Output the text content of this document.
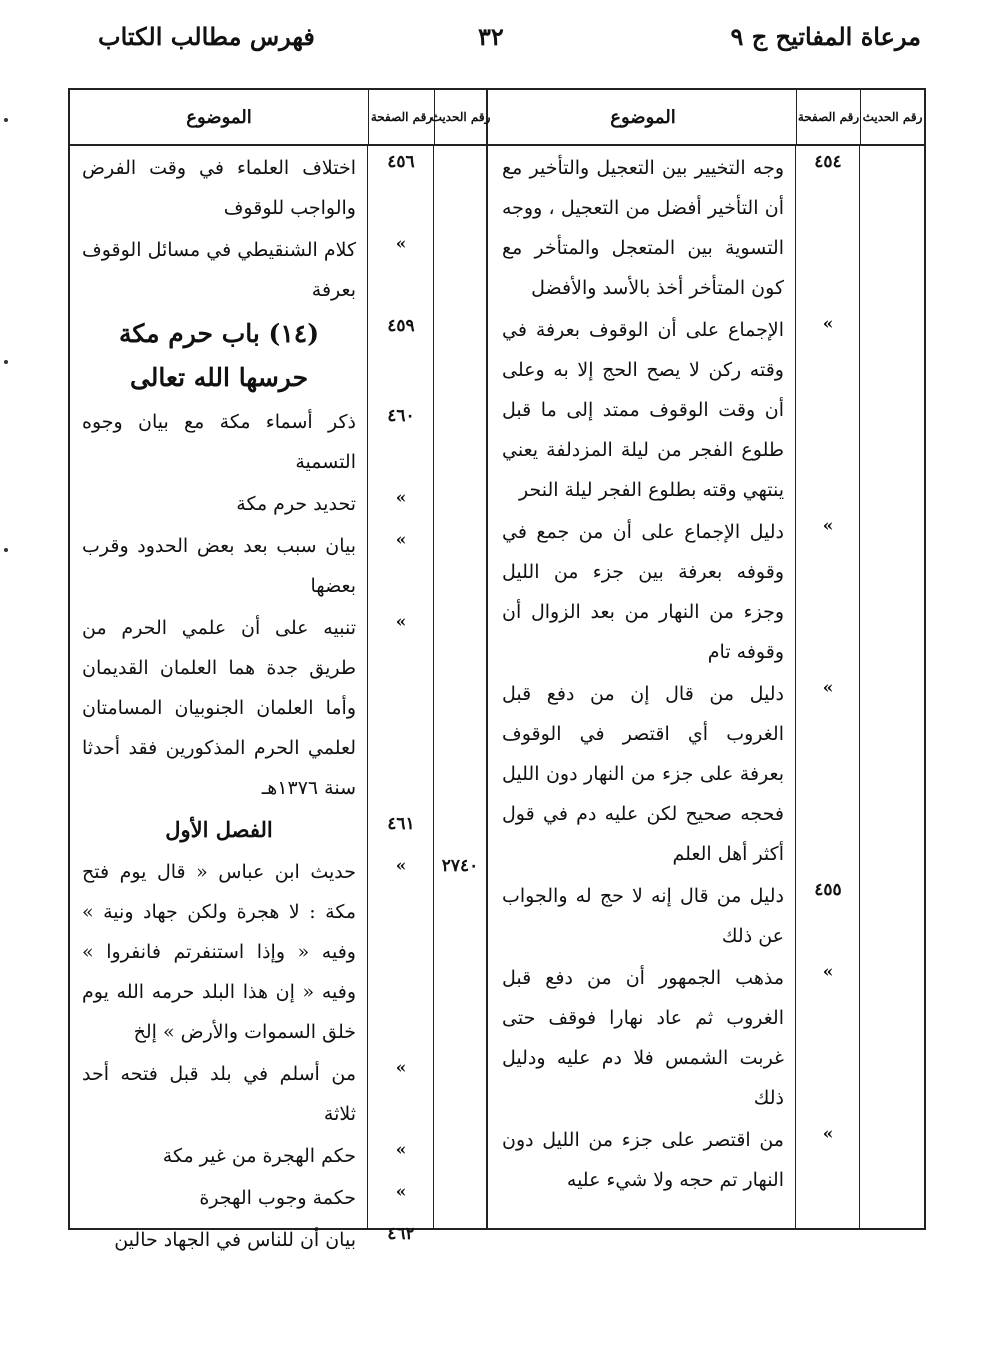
مرعاة المفاتيح ج ٩
٣٢
فهرس مطالب الكتاب
رقم الحديث
رقم الصفحة
الموضوع
٤٥٤
وجه التخيير بين التعجيل والتأخير مع أن التأخير أفضل من التعجيل ، ووجه التسوية بين المتعجل والمتأخر مع كون المتأخر أخذ بالأسد والأفضل
»
الإجماع على أن الوقوف بعرفة في وقته ركن لا يصح الحج إلا به وعلى أن وقت الوقوف ممتد إلى ما قبل طلوع الفجر من ليلة المزدلفة يعني ينتهي وقته بطلوع الفجر ليلة النحر
»
دليل الإجماع على أن من جمع في وقوفه بعرفة بين جزء من الليل وجزء من النهار من بعد الزوال أن وقوفه تام
»
دليل من قال إن من دفع قبل الغروب أي اقتصر في الوقوف بعرفة على جزء من النهار دون الليل فحجه صحيح لكن عليه دم في قول أكثر أهل العلم
٤٥٥
دليل من قال إنه لا حج له والجواب عن ذلك
»
مذهب الجمهور أن من دفع قبل الغروب ثم عاد نهارا فوقف حتى غربت الشمس فلا دم عليه ودليل ذلك
»
من اقتصر على جزء من الليل دون النهار تم حجه ولا شيء عليه
رقم الحديث
رقم الصفحة
الموضوع
٤٥٦
اختلاف العلماء في وقت الفرض والواجب للوقوف
»
كلام الشنقيطي في مسائل الوقوف بعرفة
٤٥٩
(١٤) باب حرم مكة حرسها الله تعالى
٤٦٠
ذكر أسماء مكة مع بيان وجوه التسمية
»
تحديد حرم مكة
»
بيان سبب بعد بعض الحدود وقرب بعضها
»
تنبيه على أن علمي الحرم من طريق جدة هما العلمان القديمان وأما العلمان الجنوبيان المسامتان لعلمي الحرم المذكورين فقد أحدثا سنة ١٣٧٦هـ
٤٦١
الفصل الأول
٢٧٤٠
»
حديث ابن عباس « قال يوم فتح مكة : لا هجرة ولكن جهاد ونية » وفيه « وإذا استنفرتم فانفروا » وفيه « إن هذا البلد حرمه الله يوم خلق السموات والأرض » إلخ
»
من أسلم في بلد قبل فتحه أحد ثلاثة
»
حكم الهجرة من غير مكة
»
حكمة وجوب الهجرة
٤٦٢
بيان أن للناس في الجهاد حالين
